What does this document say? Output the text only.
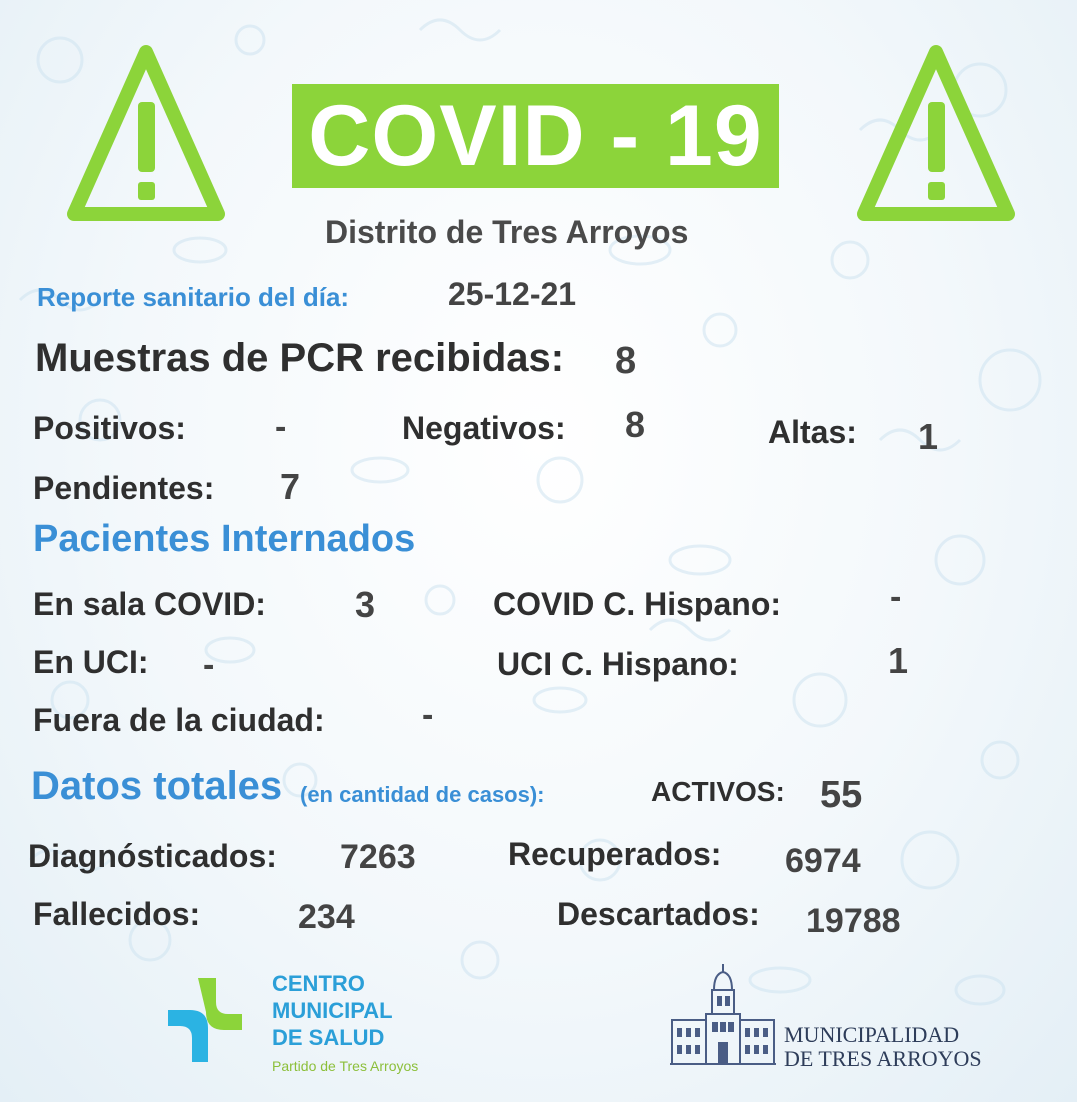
COVID - 19
Distrito de Tres Arroyos
Reporte sanitario del día:	25-12-21
Muestras de PCR recibidas: 8
Positivos:	-	Negativos: 8	Altas: 1
Pendientes: 7
Pacientes Internados
En sala COVID: 3	COVID C. Hispano:	-
En UCI: -	UCI C. Hispano:	1
Fuera de la ciudad:	-
Datos totales (en cantidad de casos):	ACTIVOS: 55
Diagnósticados: 7263	Recuperados: 6974
Fallecidos:	234	Descartados: 19788
CENTRO
MUNICIPAL
DE SALUD
Partido de Tres Arroyos
MUNICIPALIDAD
DE TRES ARROYOS
